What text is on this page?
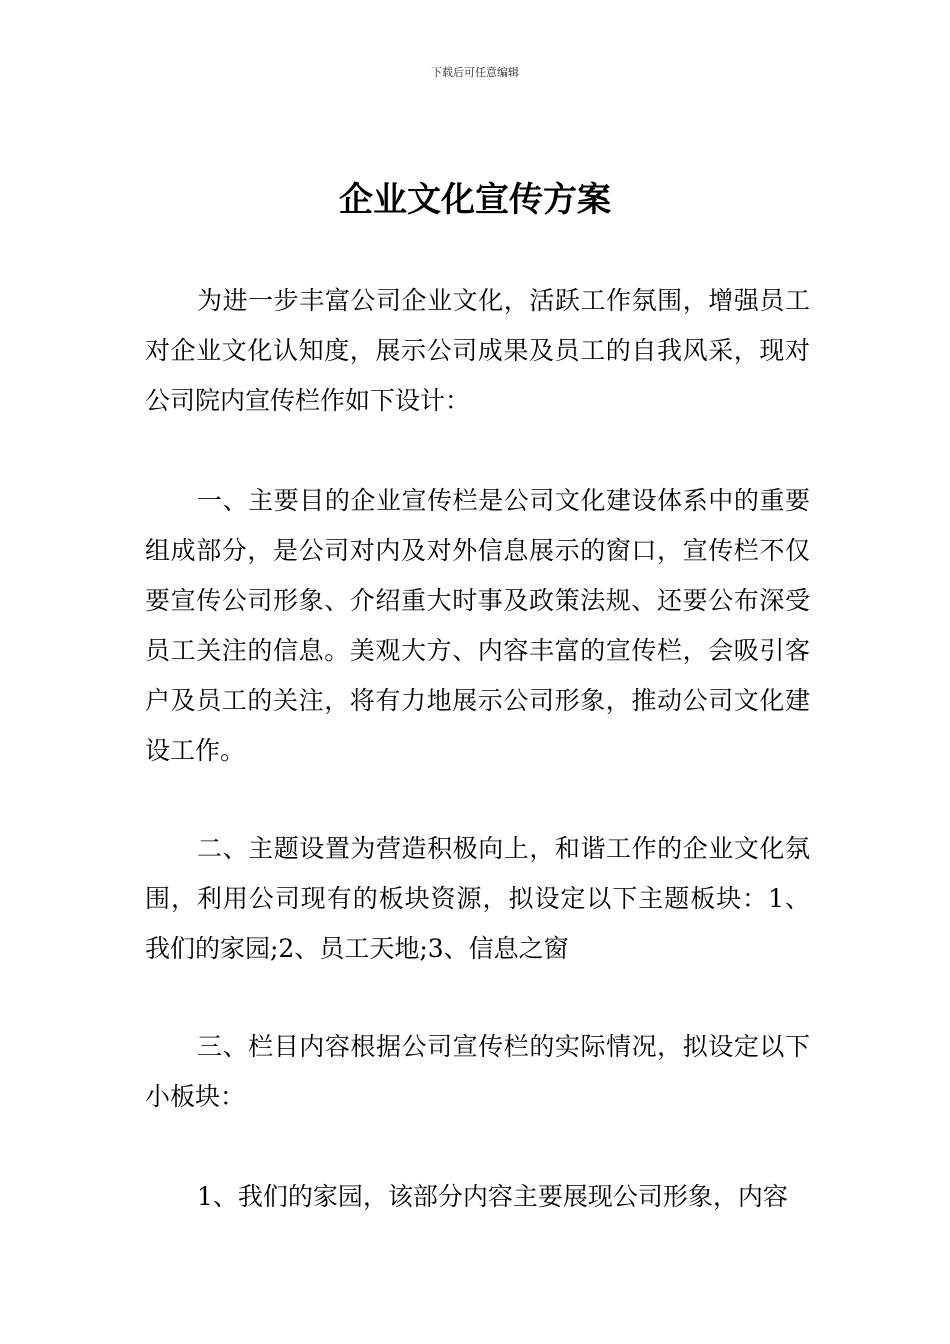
下载后可任意编辑
企业文化宣传方案

为进一步丰富公司企业文化，活跃工作氛围，增强员工对企业文化认知度，展示公司成果及员工的自我风采，现对公司院内宣传栏作如下设计：

一、主要目的企业宣传栏是公司文化建设体系中的重要组成部分，是公司对内及对外信息展示的窗口，宣传栏不仅要宣传公司形象、介绍重大时事及政策法规、还要公布深受员工关注的信息。美观大方、内容丰富的宣传栏，会吸引客户及员工的关注，将有力地展示公司形象，推动公司文化建设工作。

二、主题设置为营造积极向上，和谐工作的企业文化氛围，利用公司现有的板块资源，拟设定以下主题板块：1、我们的家园;2、员工天地;3、信息之窗

三、栏目内容根据公司宣传栏的实际情况，拟设定以下小板块：

1、我们的家园，该部分内容主要展现公司形象，内容
